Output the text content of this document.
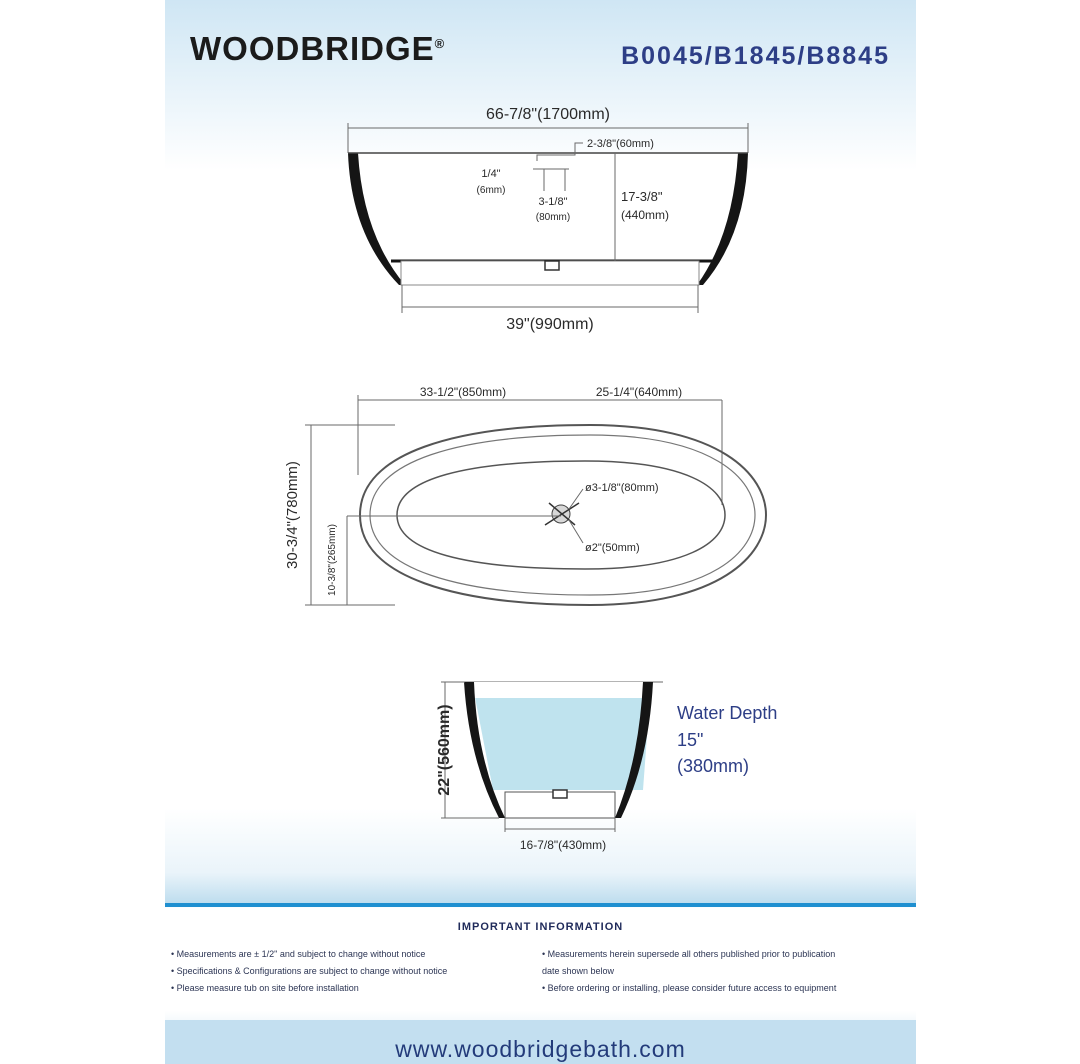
WOODBRIDGE®	B0045/B1845/B8845
66-7/8"(1700mm)
39"(990mm)
2-3/8"(60mm)
1/4"
(6mm)
3-1/8"
(80mm)
17-3/8"
(440mm)
33-1/2"(850mm)	25-1/4"(640mm)
ø3-1/8"(80mm)
ø2"(50mm)
30-3/4"(780mm)	10-3/8"(265mm)
22"(560mm)
16-7/8"(430mm)
Water Depth
15"
(380mm)
IMPORTANT INFORMATION
• Measurements are ± 1/2" and subject to change without notice
• Specifications & Configurations are subject to change without notice
• Please measure tub on site before installation
• Measurements herein supersede all others published prior to publication
date shown below
• Before ordering or installing, please consider future access to equipment
www.woodbridgebath.com
